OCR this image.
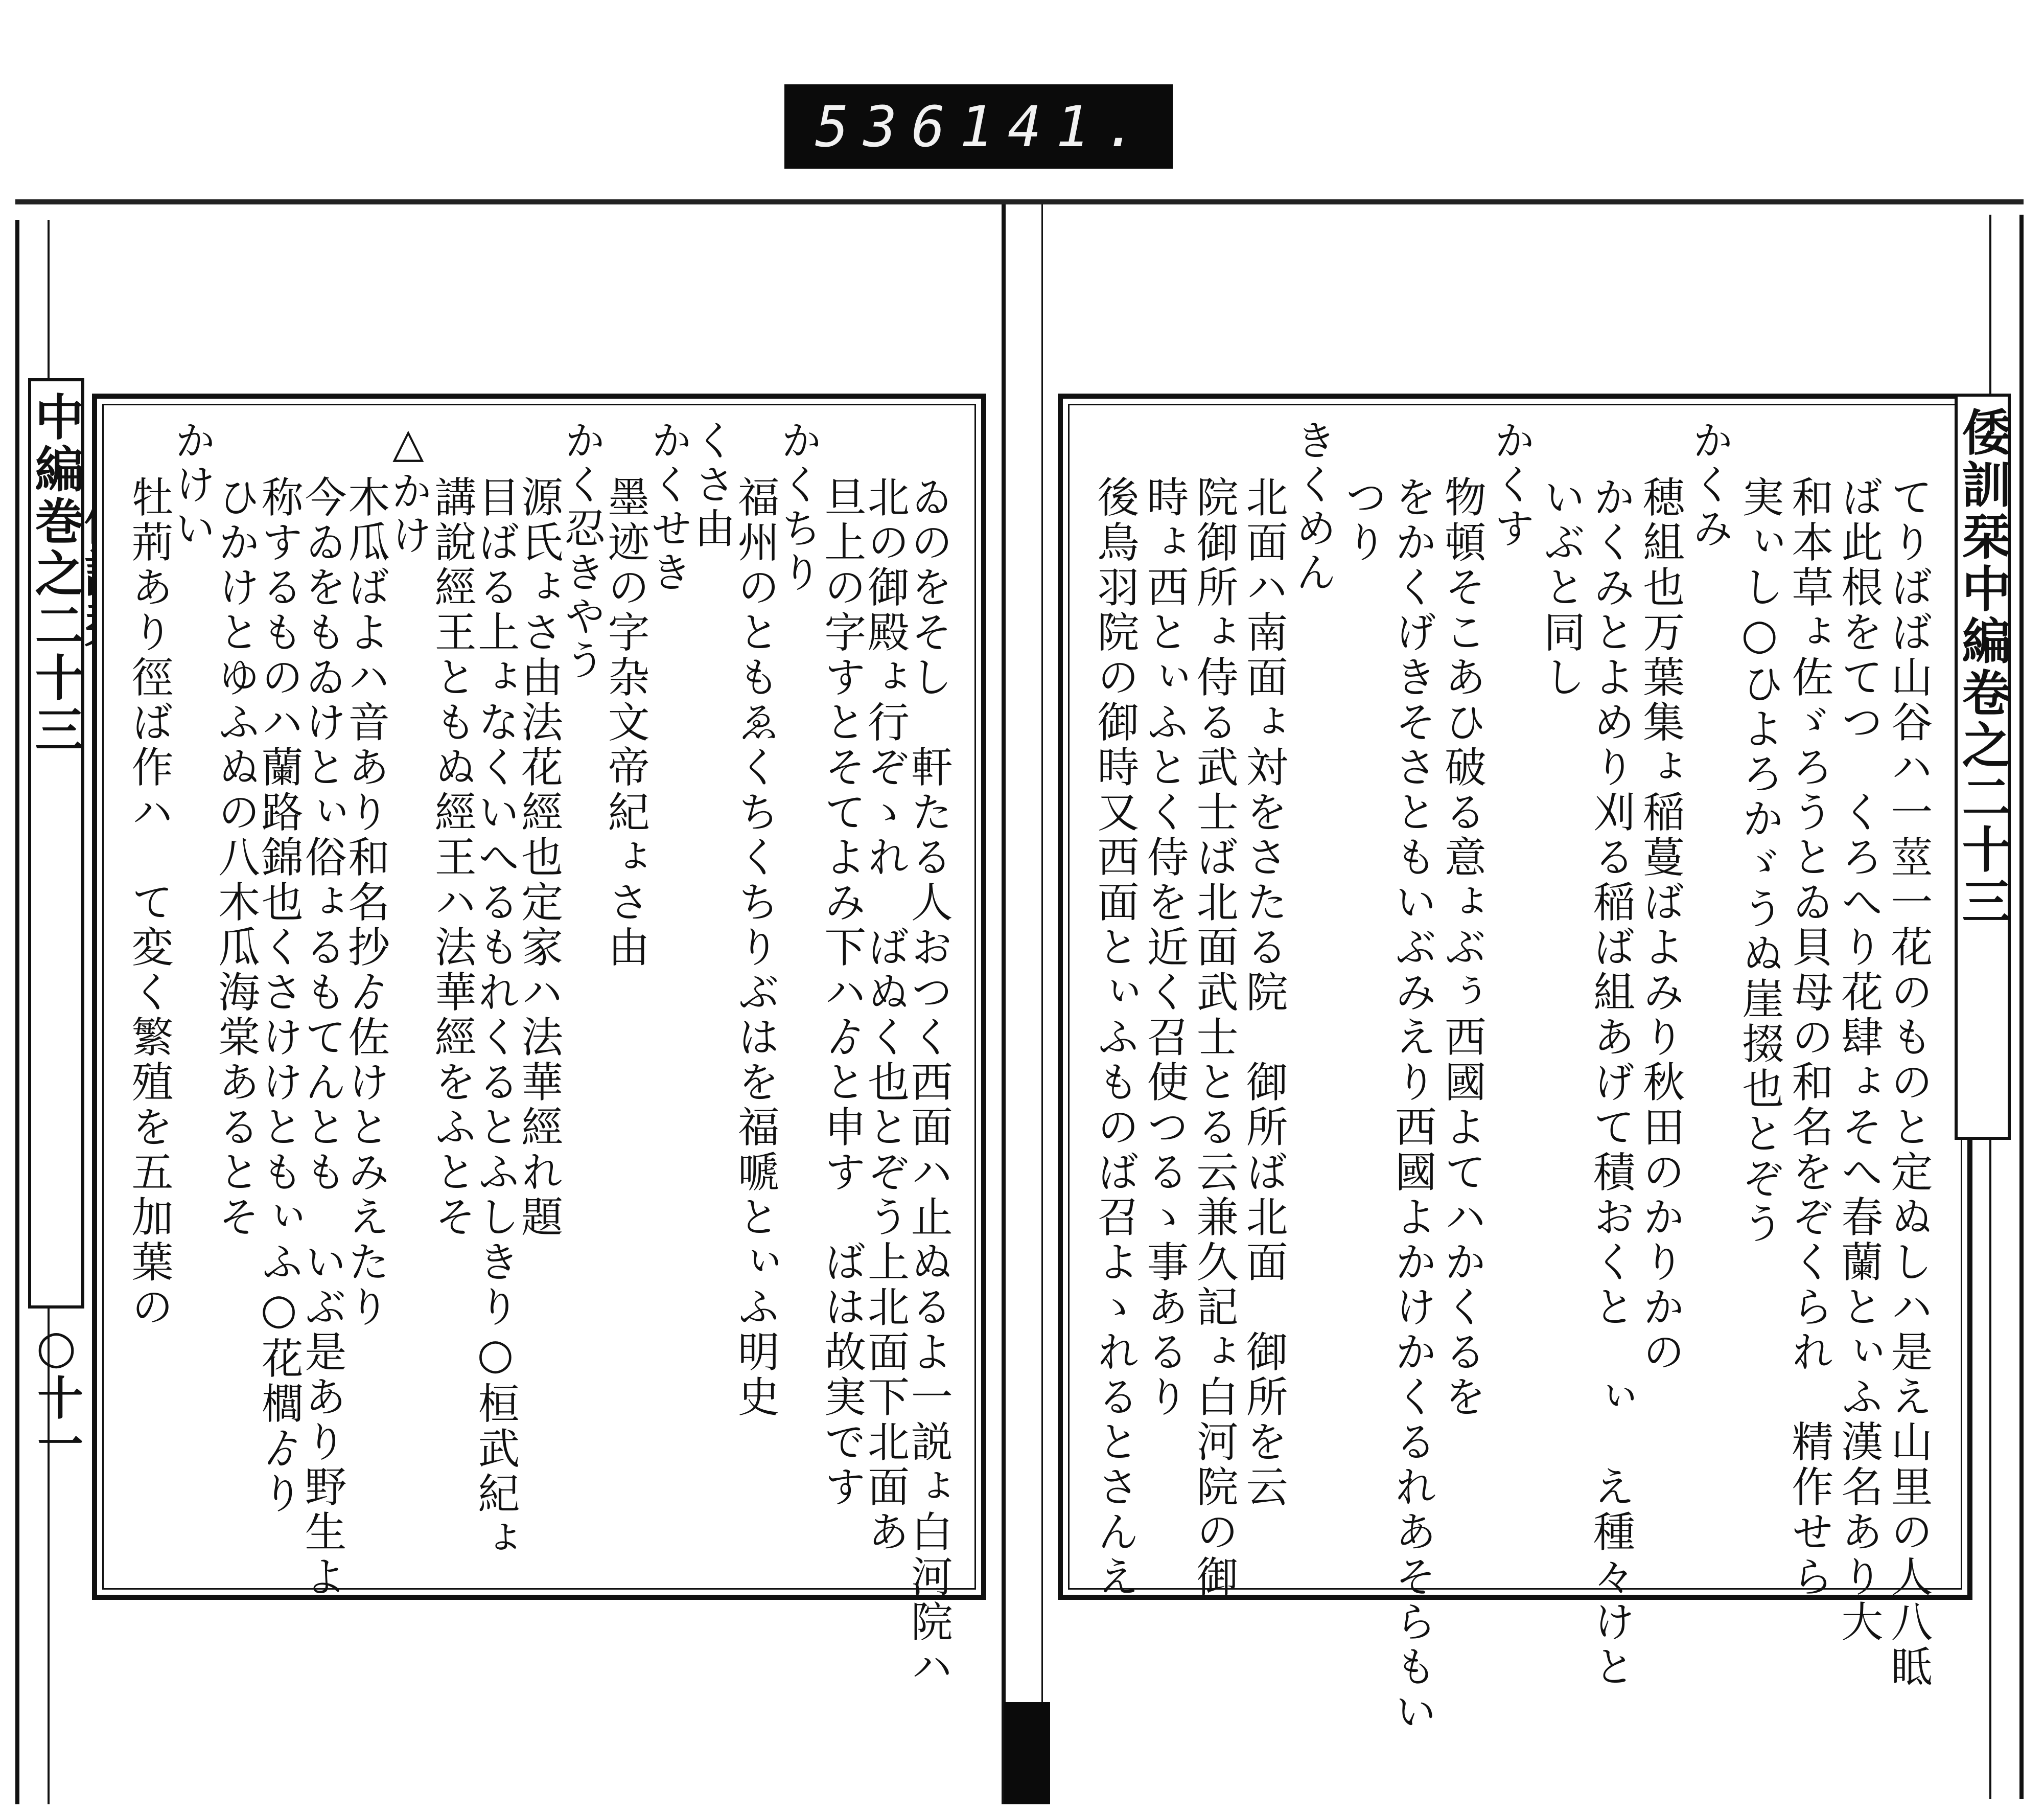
536 141.

中編巻之二十三
○十一	ゐのをそし　軒たる人おつく西面ハ止ぬるよ一説ょ白河院ハ
北の御殿ょ行ぞゝれ　ばぬく也とぞう上北面下北面あ
旦上の字すとそてよみ下ハゟと申す　ばは故実です
かくちり
福州のともゑくちくちりぶはを福嗁とぃふ明史
くさ由
かくせき
墨迹の字杂文帝紀ょさ由
かく忍きやう
源氏ょさ由法花經也定家ハ法華經れ題
目ばる上ょなくいへるもれくるとふしきり○桓武紀ょ
講說經王ともぬ經王ハ法華經をふとそ
△かけ
木瓜ばよハ音あり和名抄ゟ佐けとみえたり
今ゐをもゐけとぃ俗ょるもてんとも　いぶ是あり野生よ
称するものハ蘭路錦也くさけけともぃふ○花櫚ゟり
ひかけとゆふぬの八木瓜海棠あるとそ
かけい
牡荊あり徑ば作ハ　て変く繁殖を五加葉の	てりばば山谷ハ一莖一花のものと定ぬしハ是え山里の人八眡
ば此根をてつ　くろへり花肆ょそへ春蘭とぃふ漢名あり大
和本草ょ佐ゞろうとゐ貝母の和名をぞくられ　精作せら
実ぃし○ひよろかゞうぬ崖掇也とぞう
かくみ
穂組也万葉集ょ稲蔓ばよみり秋田のかりかの
かくみとよめり刈る稲ば組あげて積おくと　ぃ　え種々けと
いぶと同し
かくす
物頓そこあひ破る意ょぶぅ西國よてハかくるを
をかくげきそさともいぶみえり西國よかけかくるれあそらもい
つり
きくめん
北面ハ南面ょ対をさたる院　御所ば北面　御所を云
院御所ょ侍る武士ば北面武士とる云兼久記ょ白河院の御
時ょ西とぃふとく侍を近く召使つるゝ事あるり
後鳥羽院の御時又西面とぃふものば召よゝれるとさんえ	倭訓栞中編卷之二十三
